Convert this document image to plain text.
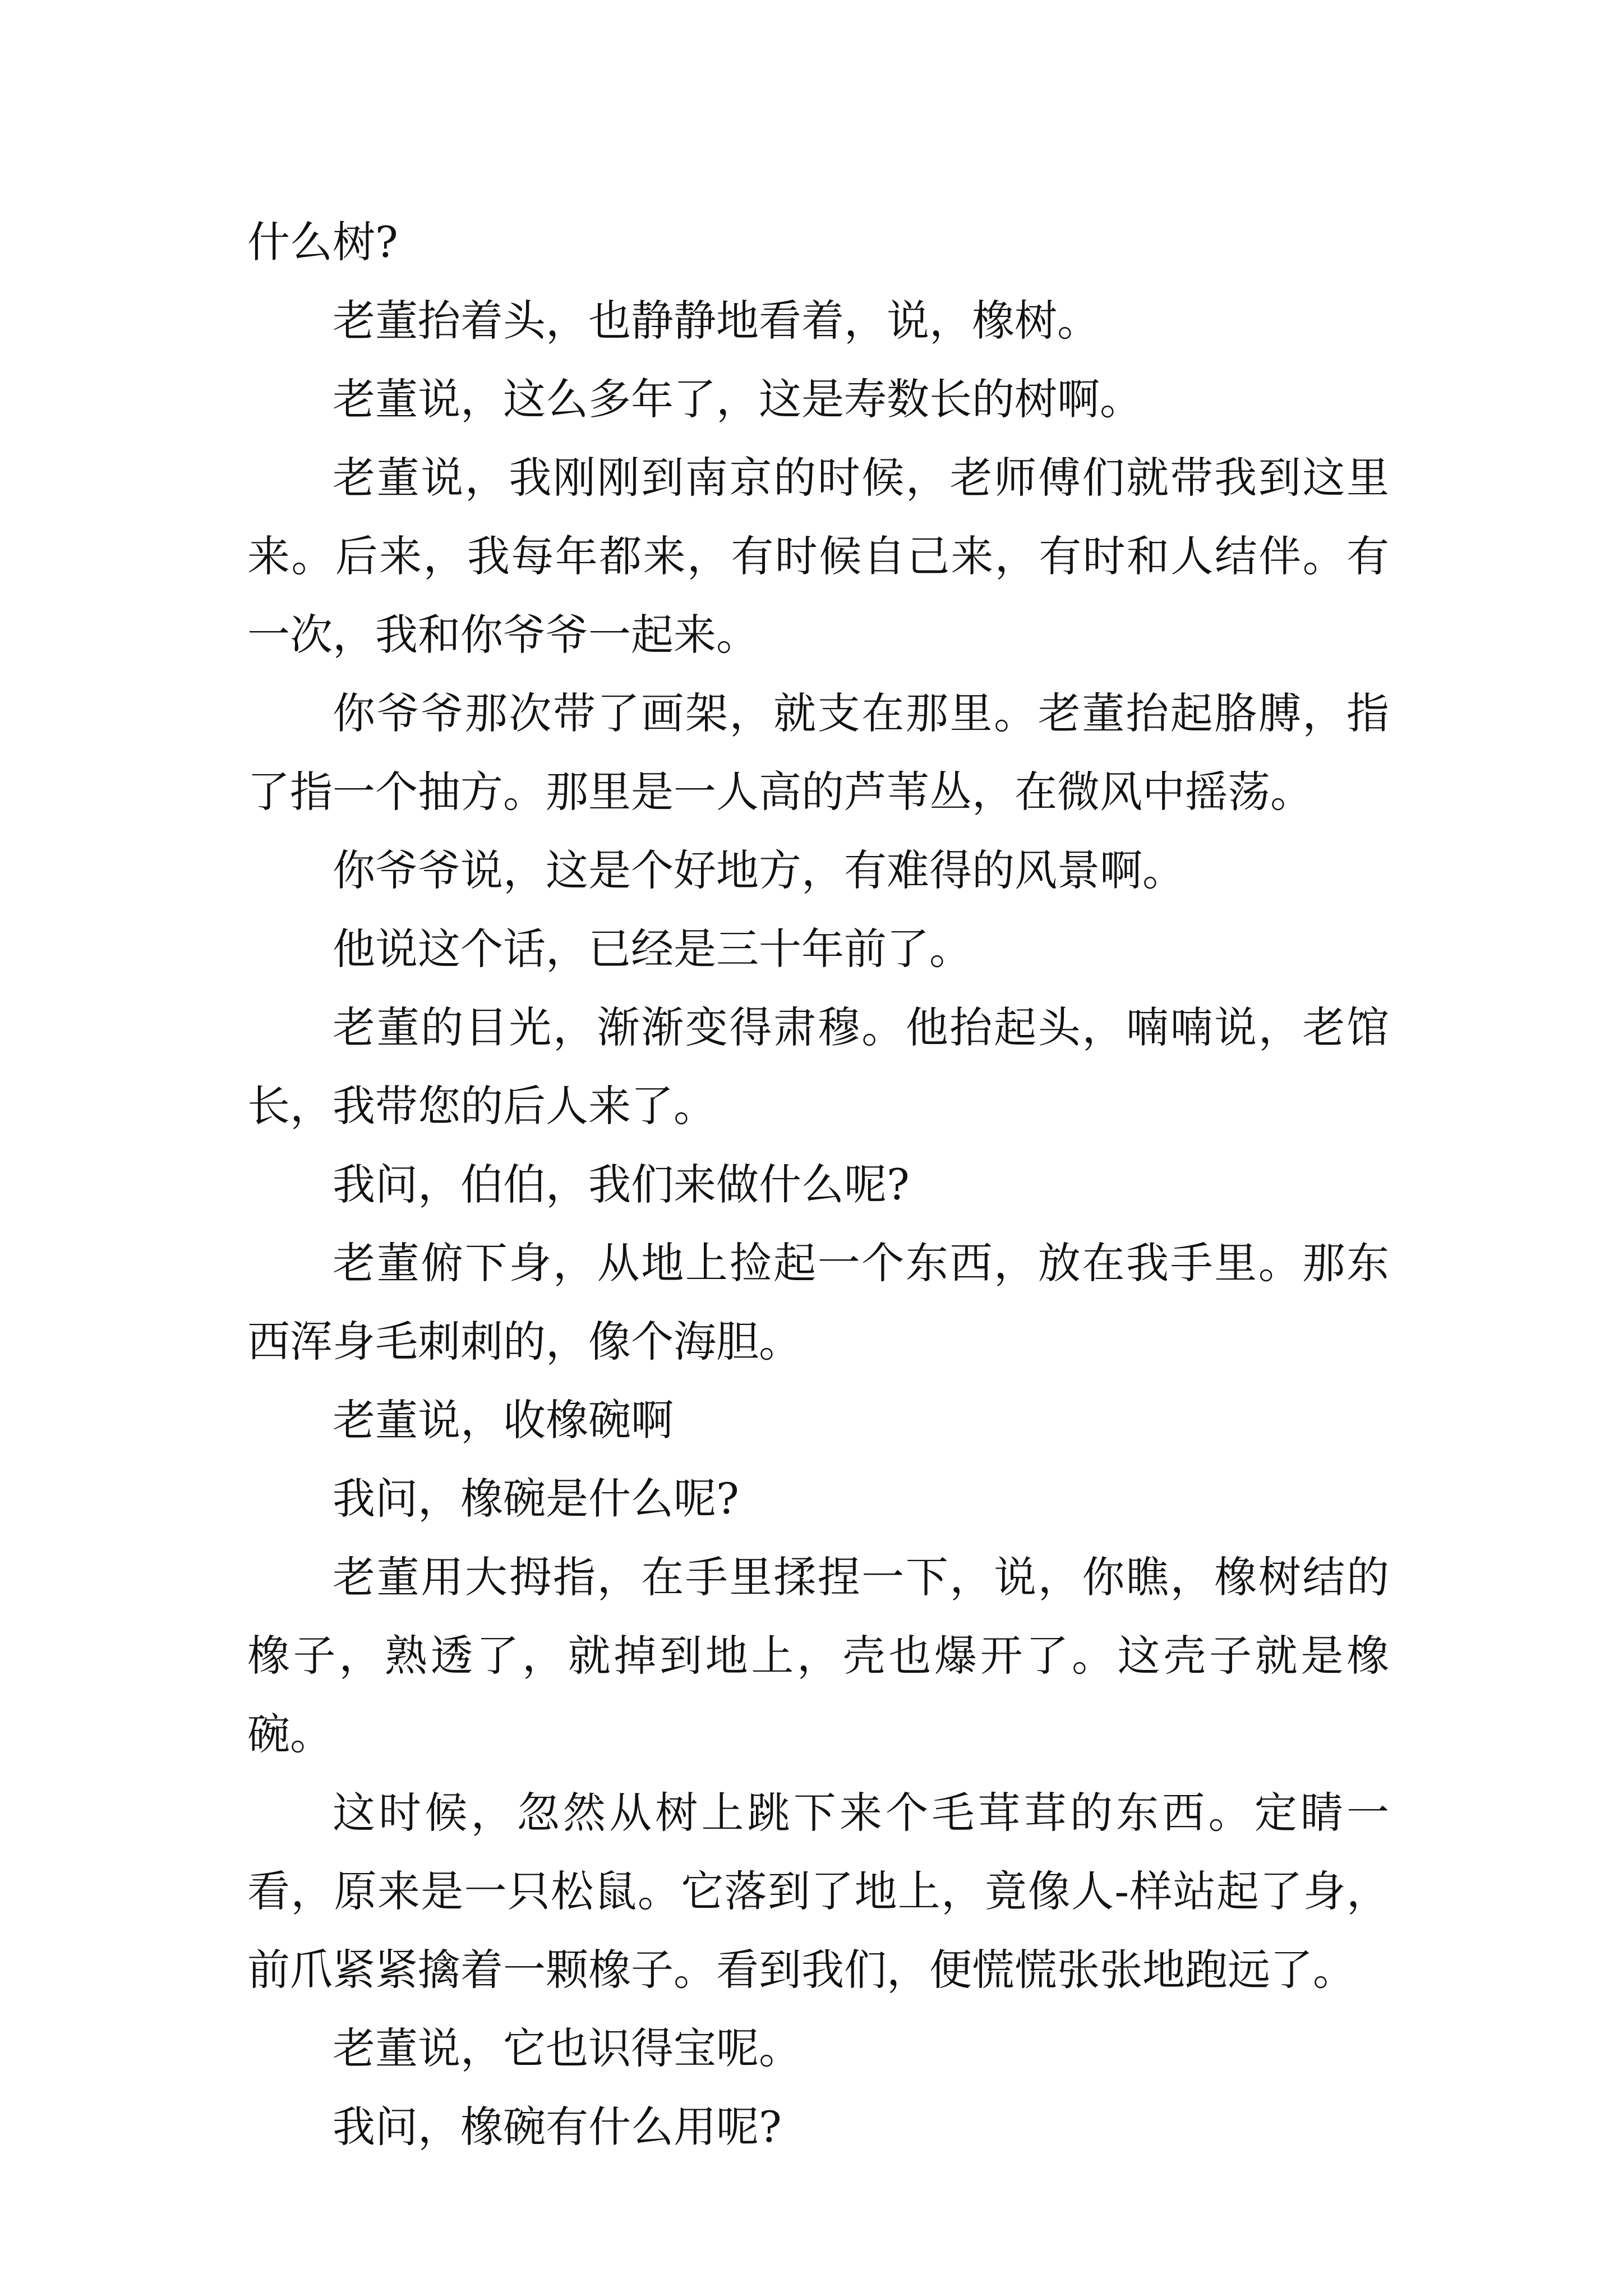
什么树?

老董抬着头，也静静地看着，说，橡树。

老董说，这么多年了，这是寿数长的树啊。

老董说，我刚刚到南京的时候，老师傅们就带我到这里来。后来，我每年都来，有时候自己来，有时和人结伴。有一次，我和你爷爷一起来。

你爷爷那次带了画架，就支在那里。老董抬起胳膊，指了指一个抽方。那里是一人高的芦苇丛，在微风中摇荡。

你爷爷说，这是个好地方，有难得的风景啊。

他说这个话，已经是三十年前了。

老董的目光，渐渐变得肃穆。他抬起头，喃喃说，老馆长，我带您的后人来了。

我问，伯伯，我们来做什么呢?

老董俯下身，从地上捡起一个东西，放在我手里。那东西浑身毛刺刺的，像个海胆。

老董说，收橡碗啊

我问，橡碗是什么呢?

老董用大拇指，在手里揉捏一下，说，你瞧，橡树结的橡子，熟透了，就掉到地上，壳也爆开了。这壳子就是橡碗。

这时候，忽然从树上跳下来个毛茸茸的东西。定睛一看，原来是一只松鼠。它落到了地上，竟像人-样站起了身，前爪紧紧擒着一颗橡子。看到我们，便慌慌张张地跑远了。

老董说，它也识得宝呢。

我问，橡碗有什么用呢?
